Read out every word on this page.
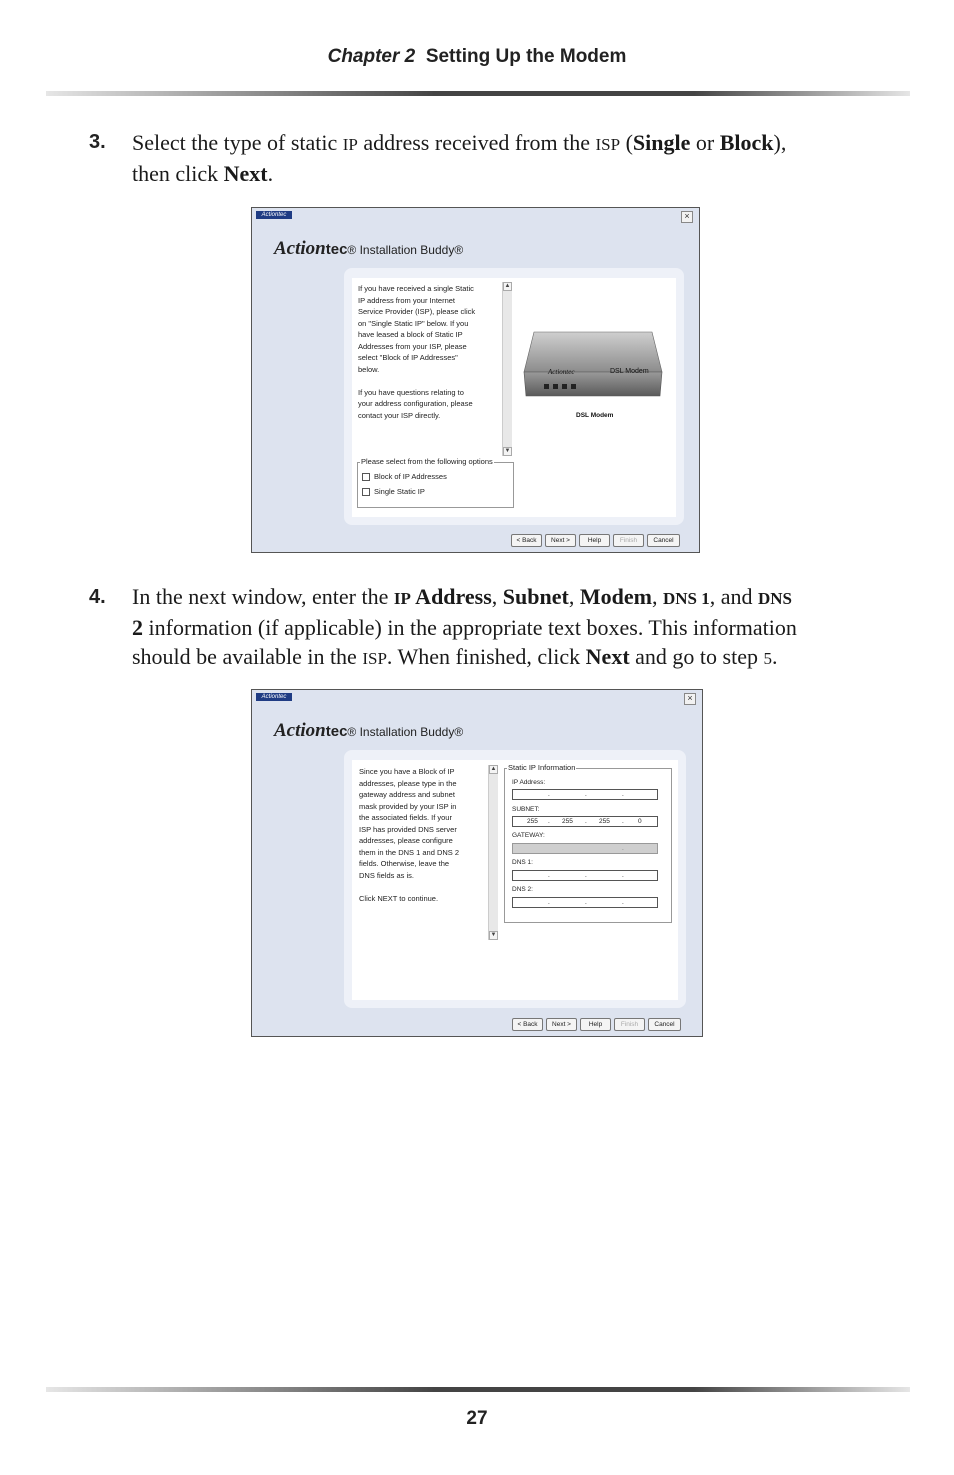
Chapter 2 Setting Up the Modem
3. Select the type of static IP address received from the ISP (Single or Block),
then click Next.
Actiontec	×
Actiontec® Installation Buddy®
If you have received a single Static
IP address from your Internet
Service Provider (ISP), please click
on "Single Static IP" below. If you
have leased a block of Static IP
Addresses from your ISP, please
select "Block of IP Addresses"
below.
If you have questions relating to
your address configuration, please
contact your ISP directly.
▲
▼
Please select from the following options
Block of IP Addresses
Single Static IP
Actiontec	DSL Modem
DSL Modem
< Back	Next >	Help	Finish	Cancel
4. In the next window, enter the IP Address, Subnet, Modem, DNS 1, and DNS
2 information (if applicable) in the appropriate text boxes. This information
should be available in the ISP. When finished, click Next and go to step 5.
Actiontec	×
Actiontec® Installation Buddy®
Since you have a Block of IP
addresses, please type in the
gateway address and subnet
mask provided by your ISP in
the associated fields. If your
ISP has provided DNS server
addresses, please configure
them in the DNS 1 and DNS 2
fields. Otherwise, leave the
DNS fields as is.
Click NEXT to continue.
▲
▼
Static IP Information
IP Address:
.	.	.
SUBNET:
255 . 255 . 255 . 0
GATEWAY:
.
DNS 1:
.	.	.
DNS 2:
.	.	.
< Back	Next >	Help	Finish	Cancel
27
